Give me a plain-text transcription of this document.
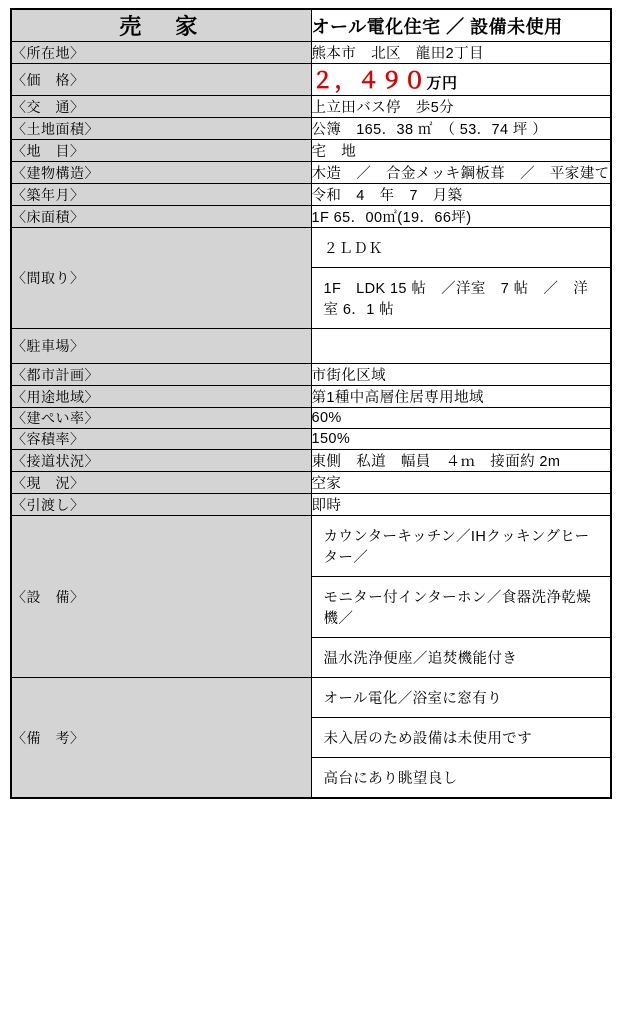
売　家	オール電化住宅 ／ 設備未使用
〈所在地〉	熊本市　北区　龍田2丁目
〈価　格〉	２，４９０万円
〈交　通〉	上立田バス停　歩5分
〈土地面積〉	公簿　165．38 ㎡　（ 53．74 坪 ）
〈地　目〉	宅　地
〈建物構造〉	木造　／　合金メッキ鋼板葺　／　平家建て
〈築年月〉	令和　4　年　7　月築
〈床面積〉	1F 65．00㎡(19．66坪)
〈間取り〉	２ＬＤＫ
1F　LDK 15 帖　／洋室　7 帖　／　洋室 6．1 帖

〈駐車場〉	
〈都市計画〉	市街化区域
〈用途地域〉	第1種中高層住居専用地域
〈建ぺい率〉	60%
〈容積率〉	150%
〈接道状況〉	東側　私道　幅員　４ｍ　接面約 2m
〈現　況〉	空家
〈引渡し〉	即時
〈設　備〉	カウンターキッチン／IHクッキングヒーター／
モニター付インターホン／食器洗浄乾燥機／
温水洗浄便座／追焚機能付き

〈備　考〉	オール電化／浴室に窓有り
未入居のため設備は未使用です
高台にあり眺望良し
